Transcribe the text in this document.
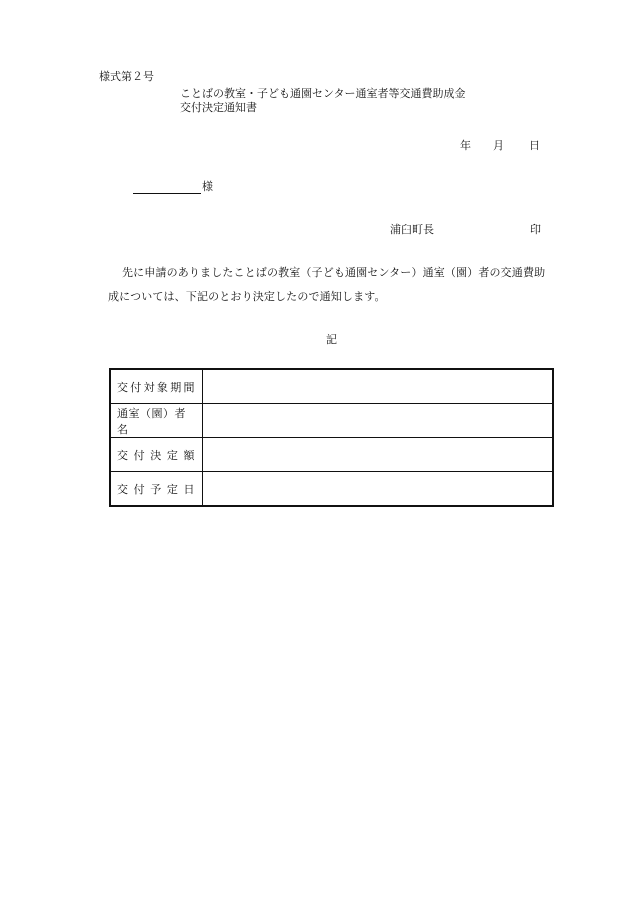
様式第２号
ことばの教室・子ども通園センター通室者等交通費助成金
交付決定通知書
年 月 日
様
浦臼町長	印
先に申請のありましたことばの教室（子ども通園センター）通室（園）者の交通費助
成については、下記のとおり決定したので通知します。
記
交付対象期間	
通室（園）者名	
交付決定額	
交付予定日	
